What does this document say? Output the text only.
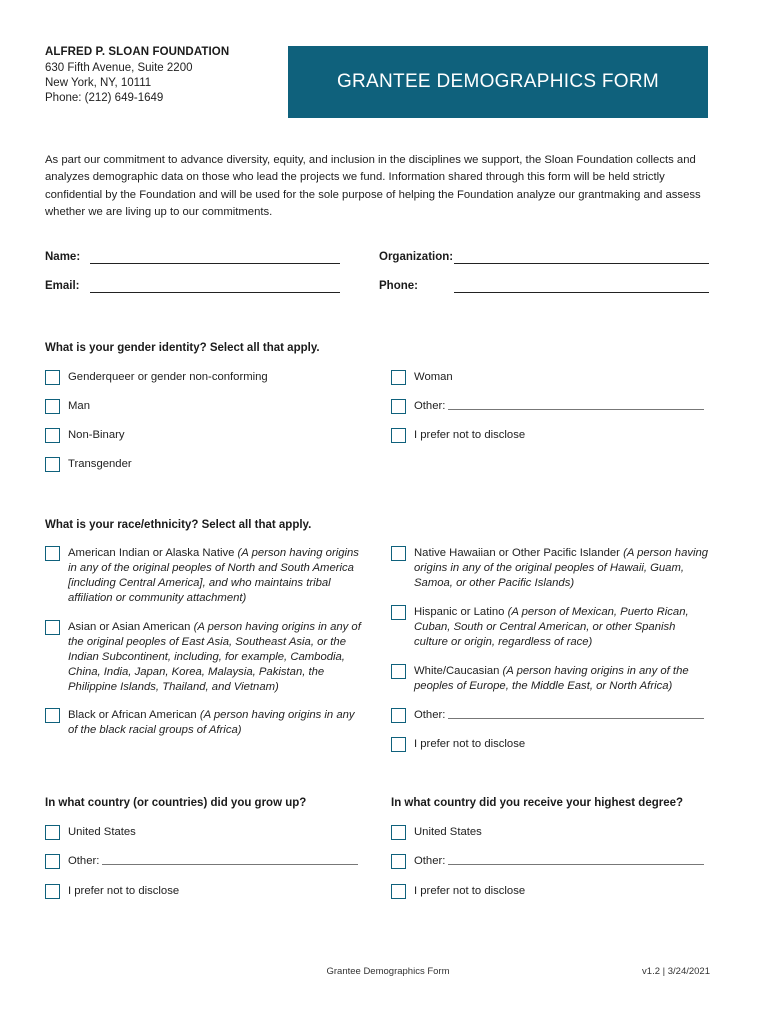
ALFRED P. SLOAN FOUNDATION
630 Fifth Avenue, Suite 2200
New York, NY, 10111
Phone: (212) 649-1649
GRANTEE DEMOGRAPHICS FORM
As part our commitment to advance diversity, equity, and inclusion in the disciplines we support, the Sloan Foundation collects and analyzes demographic data on those who lead the projects we fund. Information shared through this form will be held strictly confidential by the Foundation and will be used for the sole purpose of helping the Foundation analyze our grantmaking and assess whether we are living up to our commitments.
Name:
Email:
Organization:
Phone:
What is your gender identity? Select all that apply.
Genderqueer or gender non-conforming
Man
Non-Binary
Transgender
Woman
Other:
I prefer not to disclose
What is your race/ethnicity? Select all that apply.
American Indian or Alaska Native (A person having origins in any of the original peoples of North and South America [including Central America], and who maintains tribal affiliation or community attachment)
Asian or Asian American (A person having origins in any of the original peoples of East Asia, Southeast Asia, or the Indian Subcontinent, including, for example, Cambodia, China, India, Japan, Korea, Malaysia, Pakistan, the Philippine Islands, Thailand, and Vietnam)
Black or African American (A person having origins in any of the black racial groups of Africa)
Native Hawaiian or Other Pacific Islander (A person having origins in any of the original peoples of Hawaii, Guam, Samoa, or other Pacific Islands)
Hispanic or Latino (A person of Mexican, Puerto Rican, Cuban, South or Central American, or other Spanish culture or origin, regardless of race)
White/Caucasian (A person having origins in any of the peoples of Europe, the Middle East, or North Africa)
Other:
I prefer not to disclose
In what country (or countries) did you grow up?
United States
Other:
I prefer not to disclose
In what country did you receive your highest degree?
United States
Other:
I prefer not to disclose
Grantee Demographics Form	v1.2 | 3/24/2021
